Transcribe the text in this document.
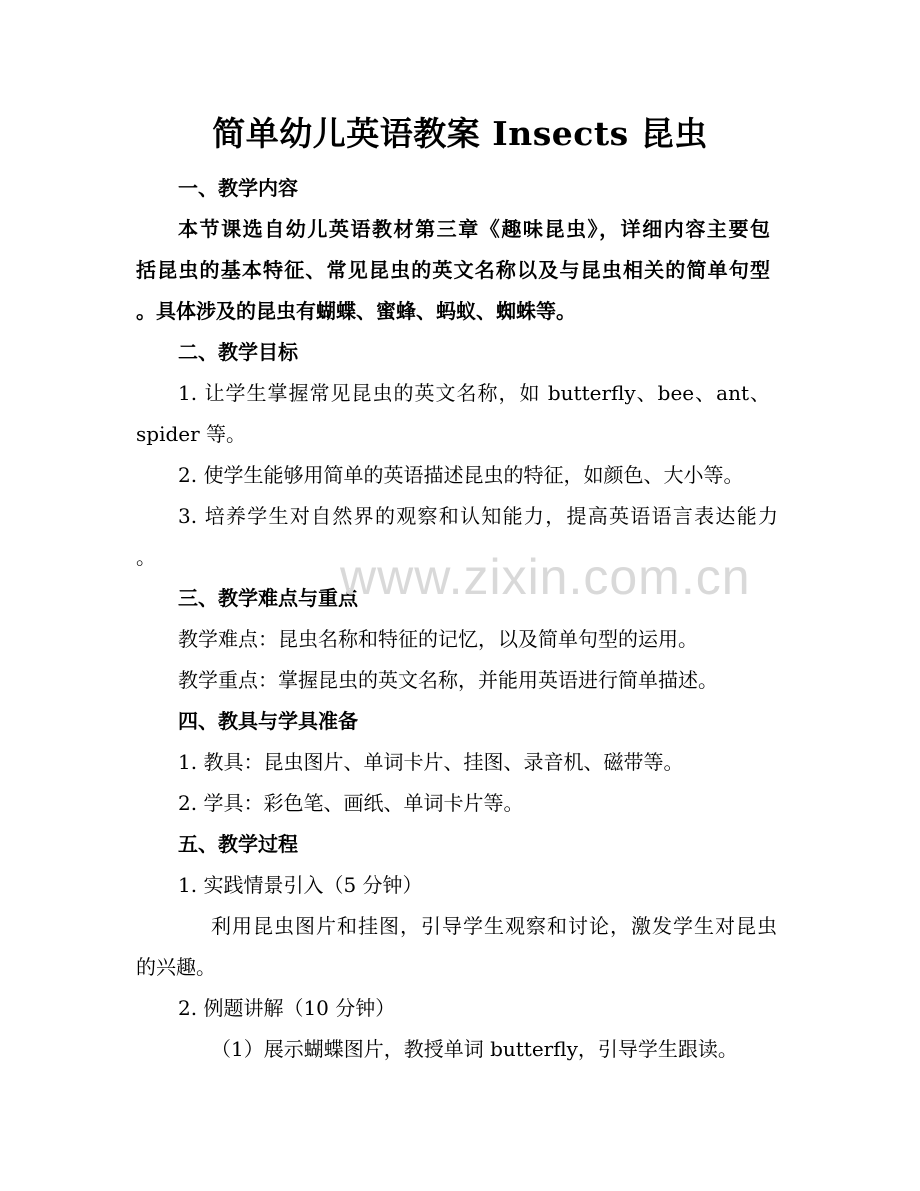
简单幼儿英语教案 Insects 昆虫
一、教学内容
本节课选自幼儿英语教材第三章《趣味昆虫》，详细内容主要包
括昆虫的基本特征、常见昆虫的英文名称以及与昆虫相关的简单句型
。具体涉及的昆虫有蝴蝶、蜜蜂、蚂蚁、蜘蛛等。
二、教学目标
1. 让学生掌握常见昆虫的英文名称，如 butterfly、bee、ant、
spider 等。
2. 使学生能够用简单的英语描述昆虫的特征，如颜色、大小等。
3. 培养学生对自然界的观察和认知能力，提高英语语言表达能力
。
三、教学难点与重点
教学难点：昆虫名称和特征的记忆，以及简单句型的运用。
教学重点：掌握昆虫的英文名称，并能用英语进行简单描述。
四、教具与学具准备
1. 教具：昆虫图片、单词卡片、挂图、录音机、磁带等。
2. 学具：彩色笔、画纸、单词卡片等。
五、教学过程
1. 实践情景引入（5 分钟）
利用昆虫图片和挂图，引导学生观察和讨论，激发学生对昆虫
的兴趣。
2. 例题讲解（10 分钟）
（1）展示蝴蝶图片，教授单词 butterfly，引导学生跟读。
www.zixin.com.cn
